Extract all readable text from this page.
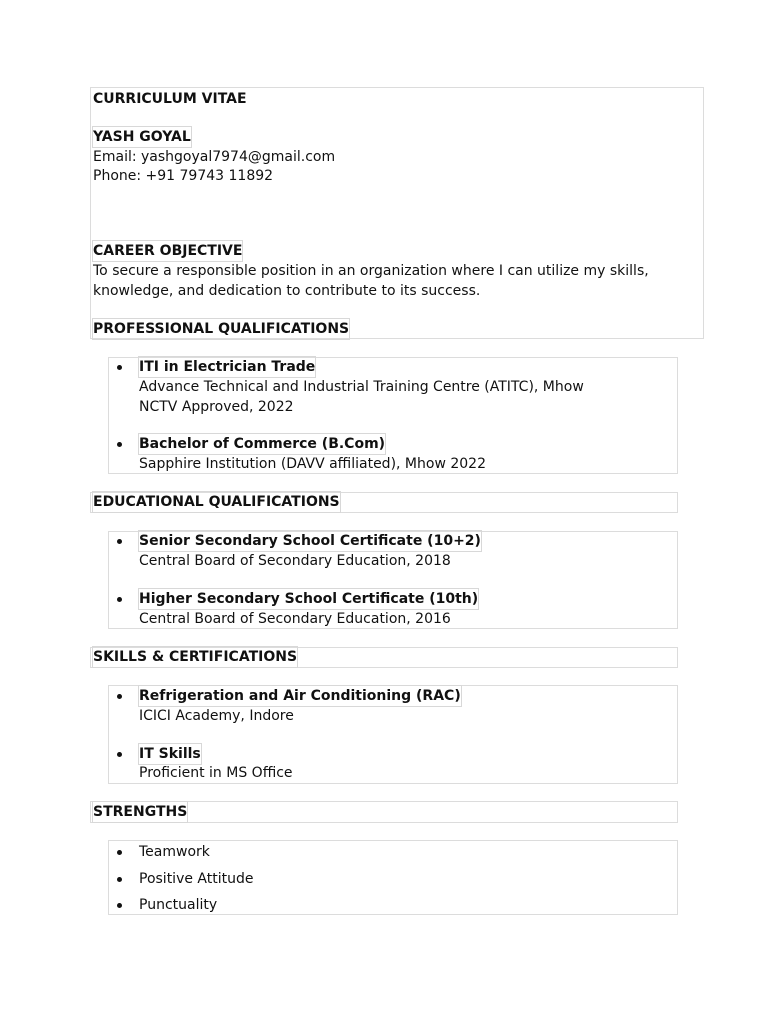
CURRICULUM VITAE
YASH GOYAL
Email: yashgoyal7974@gmail.com
Phone: +91 79743 11892
CAREER OBJECTIVE
To secure a responsible position in an organization where I can utilize my skills,
knowledge, and dedication to contribute to its success.
PROFESSIONAL QUALIFICATIONS
ITI in Electrician Trade
Advance Technical and Industrial Training Centre (ATITC), Mhow
NCTV Approved, 2022
Bachelor of Commerce (B.Com)
Sapphire Institution (DAVV affiliated), Mhow 2022
EDUCATIONAL QUALIFICATIONS
Senior Secondary School Certificate (10+2)
Central Board of Secondary Education, 2018
Higher Secondary School Certificate (10th)
Central Board of Secondary Education, 2016
SKILLS & CERTIFICATIONS
Refrigeration and Air Conditioning (RAC)
ICICI Academy, Indore
IT Skills
Proficient in MS Office
STRENGTHS
Teamwork
Positive Attitude
Punctuality
